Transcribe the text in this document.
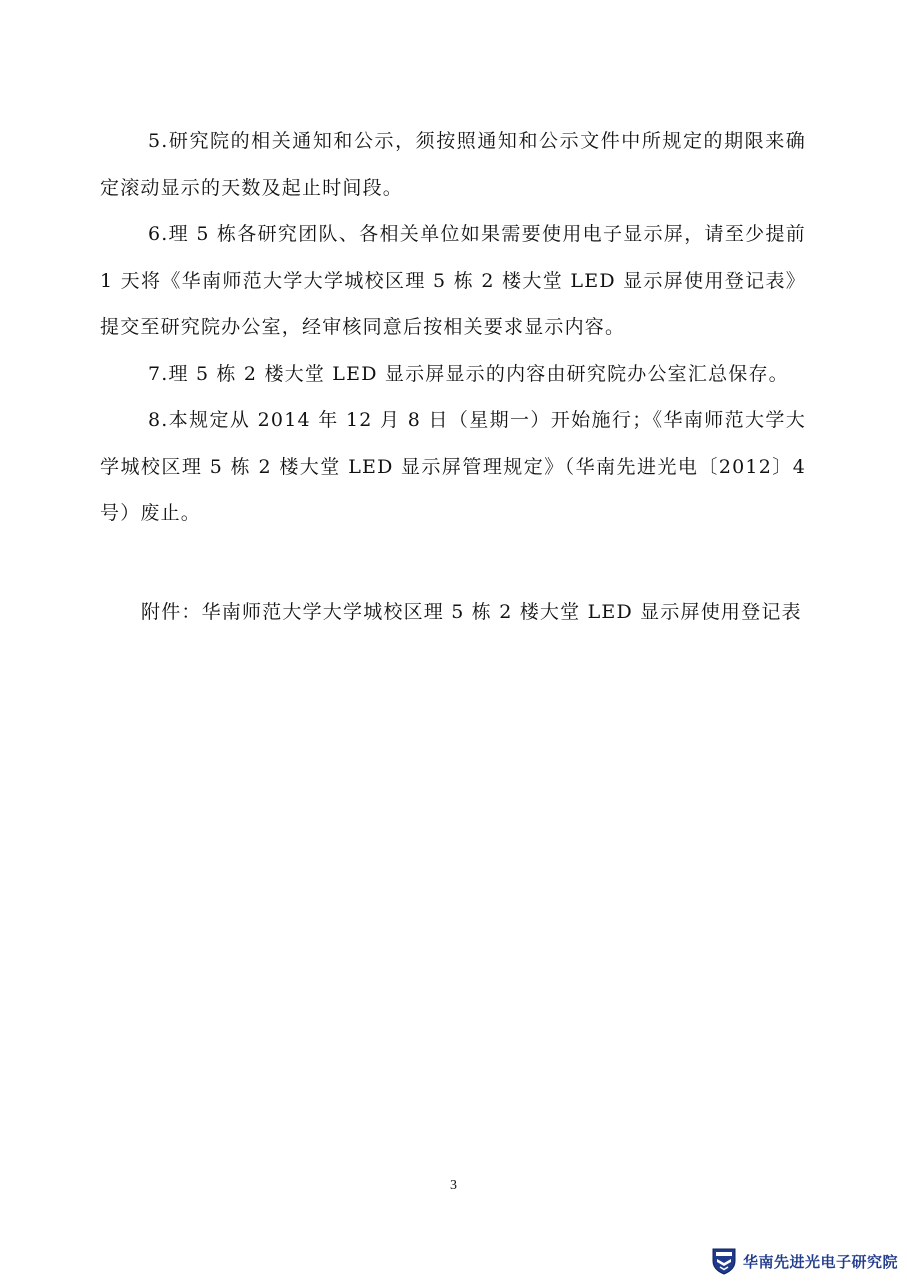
5.研究院的相关通知和公示，须按照通知和公示文件中所规定的期限来确定滚动显示的天数及起止时间段。

6.理 5 栋各研究团队、各相关单位如果需要使用电子显示屏，请至少提前 1 天将《华南师范大学大学城校区理 5 栋 2 楼大堂 LED 显示屏使用登记表》提交至研究院办公室，经审核同意后按相关要求显示内容。

7.理 5 栋 2 楼大堂 LED 显示屏显示的内容由研究院办公室汇总保存。

8.本规定从 2014 年 12 月 8 日（星期一）开始施行；《华南师范大学大学城校区理 5 栋 2 楼大堂 LED 显示屏管理规定》（华南先进光电〔2012〕4 号）废止。

附件：华南师范大学大学城校区理 5 栋 2 楼大堂 LED 显示屏使用登记表

3
华南先进光电子研究院
